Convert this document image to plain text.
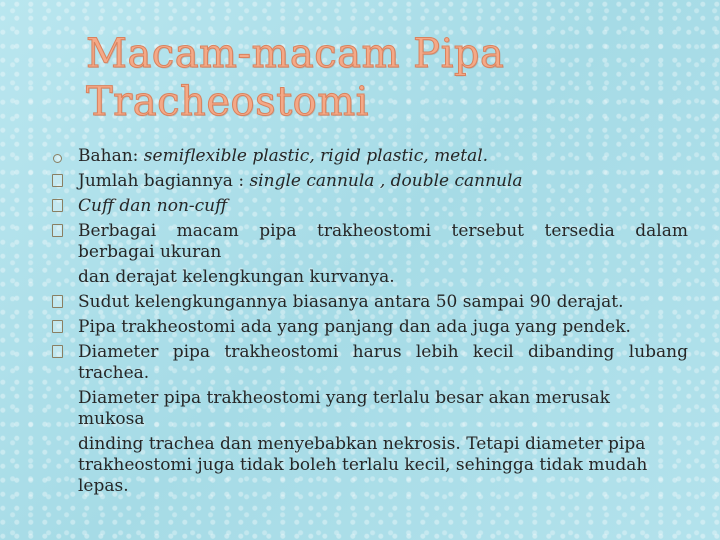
Macam-macam Pipa
Tracheostomi
Bahan: semiflexible plastic, rigid plastic, metal.
Jumlah bagiannya : single cannula , double cannula
Cuff dan non-cuff
Berbagai macam pipa trakheostomi tersebut tersedia dalam
berbagai ukuran
dan derajat kelengkungan kurvanya.
Sudut kelengkungannya biasanya antara 50 sampai 90 derajat.
Pipa trakheostomi ada yang panjang dan ada juga yang pendek.
Diameter pipa trakheostomi harus lebih kecil dibanding lubang
trachea.
Diameter pipa trakheostomi yang terlalu besar akan merusak
mukosa
dinding trachea dan menyebabkan nekrosis. Tetapi diameter pipa
trakheostomi juga tidak boleh terlalu kecil, sehingga tidak mudah
lepas.
